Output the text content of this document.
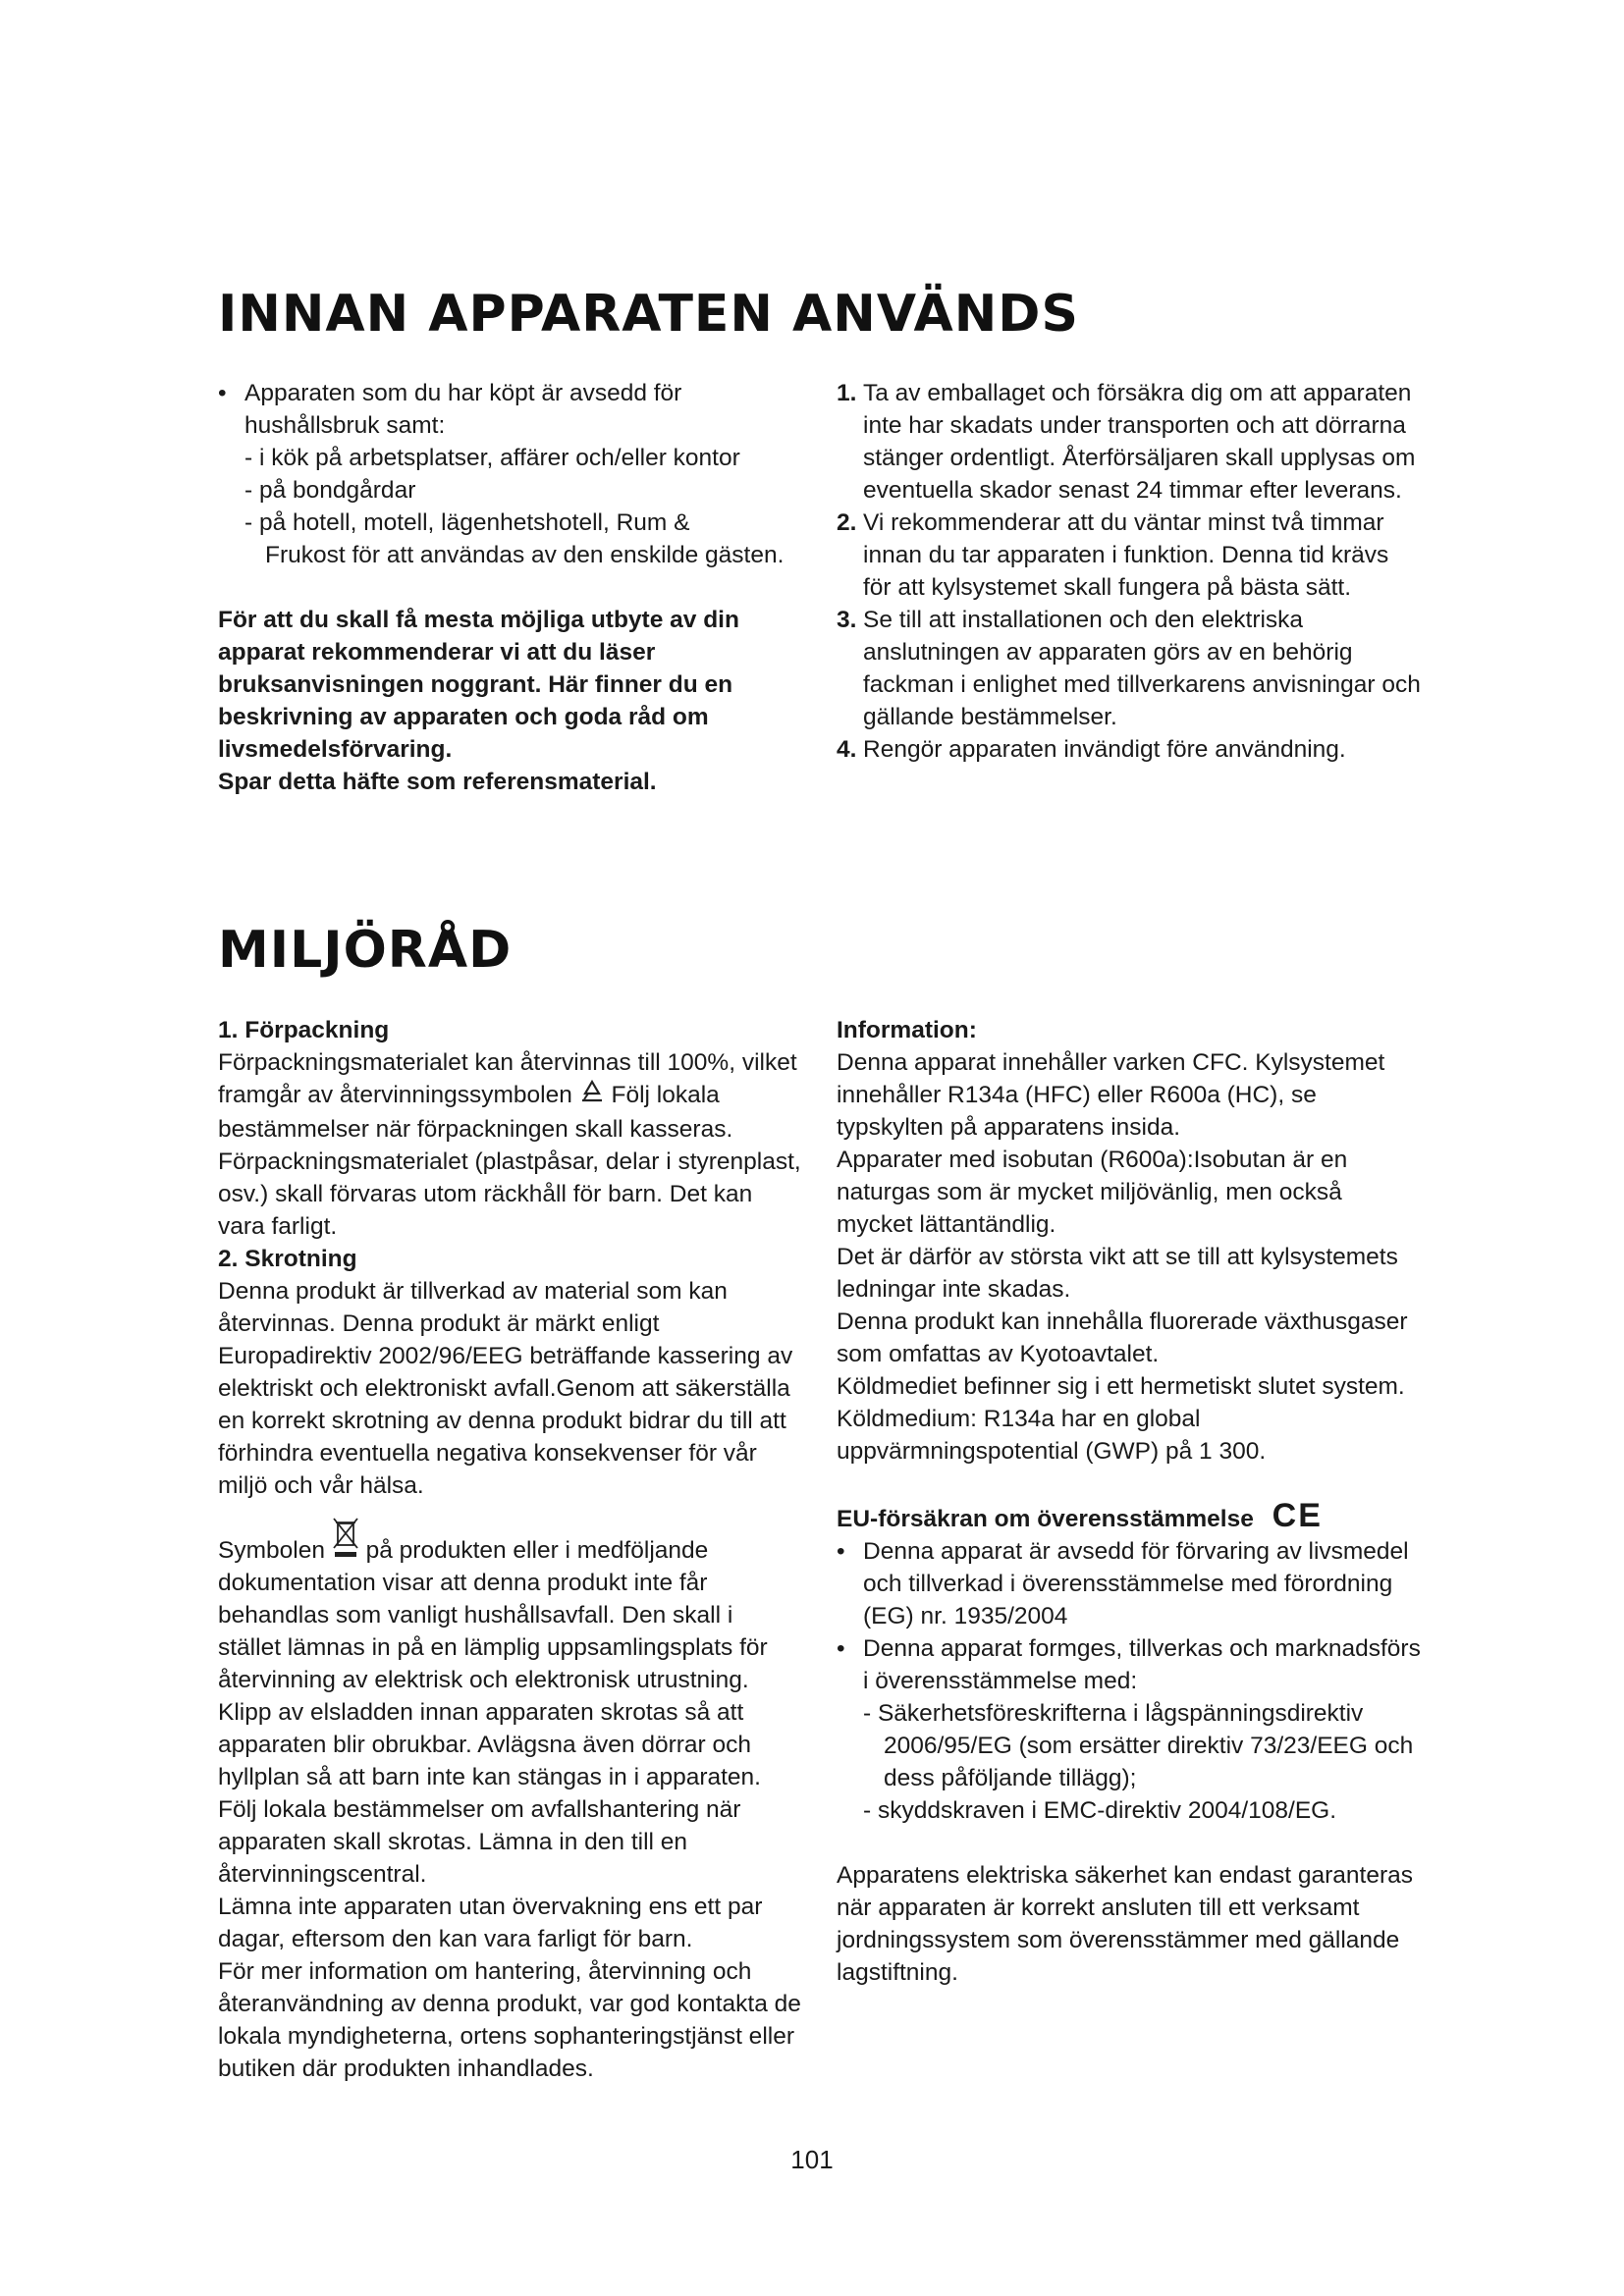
INNAN APPARATEN ANVÄNDS
• Apparaten som du har köpt är avsedd för hushållsbruk samt:

- i kök på arbetsplatser, affärer och/eller kontor

- på bondgårdar

- på hotell, motell, lägenhetshotell, Rum &

Frukost för att användas av den enskilde gästen.

För att du skall få mesta möjliga utbyte av din apparat rekommenderar vi att du läser bruksanvisningen noggrant. Här finner du en beskrivning av apparaten och goda råd om livsmedelsförvaring.

Spar detta häfte som referensmaterial.

1. Ta av emballaget och försäkra dig om att apparaten inte har skadats under transporten och att dörrarna stänger ordentligt. Återförsäljaren skall upplysas om eventuella skador senast 24 timmar efter leverans.
2. Vi rekommenderar att du väntar minst två timmar innan du tar apparaten i funktion. Denna tid krävs för att kylsystemet skall fungera på bästa sätt.
3. Se till att installationen och den elektriska anslutningen av apparaten görs av en behörig fackman i enlighet med tillverkarens anvisningar och gällande bestämmelser.
4. Rengör apparaten invändigt före användning.
MILJÖRÅD

1. Förpackning

Förpackningsmaterialet kan återvinnas till 100%, vilket framgår av återvinningssymbolen Följ lokala bestämmelser när förpackningen skall kasseras. Förpackningsmaterialet (plastpåsar, delar i styrenplast, osv.) skall förvaras utom räckhåll för barn. Det kan vara farligt.

2. Skrotning

Denna produkt är tillverkad av material som kan återvinnas. Denna produkt är märkt enligt Europadirektiv 2002/96/EEG beträffande kassering av elektriskt och elektroniskt avfall.Genom att säkerställa en korrekt skrotning av denna produkt bidrar du till att förhindra eventuella negativa konsekvenser för vår miljö och vår hälsa.

Symbolen på produkten eller i medföljande dokumentation visar att denna produkt inte får behandlas som vanligt hushållsavfall. Den skall i stället lämnas in på en lämplig uppsamlingsplats för återvinning av elektrisk och elektronisk utrustning.

Klipp av elsladden innan apparaten skrotas så att apparaten blir obrukbar. Avlägsna även dörrar och hyllplan så att barn inte kan stängas in i apparaten.

Följ lokala bestämmelser om avfallshantering när apparaten skall skrotas. Lämna in den till en återvinningscentral.

Lämna inte apparaten utan övervakning ens ett par dagar, eftersom den kan vara farligt för barn.

För mer information om hantering, återvinning och återanvändning av denna produkt, var god kontakta de lokala myndigheterna, ortens sophanteringstjänst eller butiken där produkten inhandlades.

Information:

Denna apparat innehåller varken CFC. Kylsystemet innehåller R134a (HFC) eller R600a (HC), se typskylten på apparatens insida.

Apparater med isobutan (R600a):Isobutan är en naturgas som är mycket miljövänlig, men också mycket lättantändlig.

Det är därför av största vikt att se till att kylsystemets ledningar inte skadas.

Denna produkt kan innehålla fluorerade växthusgaser som omfattas av Kyotoavtalet.

Köldmediet befinner sig i ett hermetiskt slutet system.

Köldmedium: R134a har en global uppvärmningspotential (GWP) på 1 300.

EU-försäkran om överensstämmelse CE

• Denna apparat är avsedd för förvaring av livsmedel och tillverkad i överensstämmelse med förordning (EG) nr. 1935/2004
• Denna apparat formges, tillverkas och marknadsförs i överensstämmelse med:

- Säkerhetsföreskrifterna i lågspänningsdirektiv 2006/95/EG (som ersätter direktiv 73/23/EEG och dess påföljande tillägg);

- skyddskraven i EMC-direktiv 2004/108/EG.

Apparatens elektriska säkerhet kan endast garanteras när apparaten är korrekt ansluten till ett verksamt jordningssystem som överensstämmer med gällande lagstiftning.

101
